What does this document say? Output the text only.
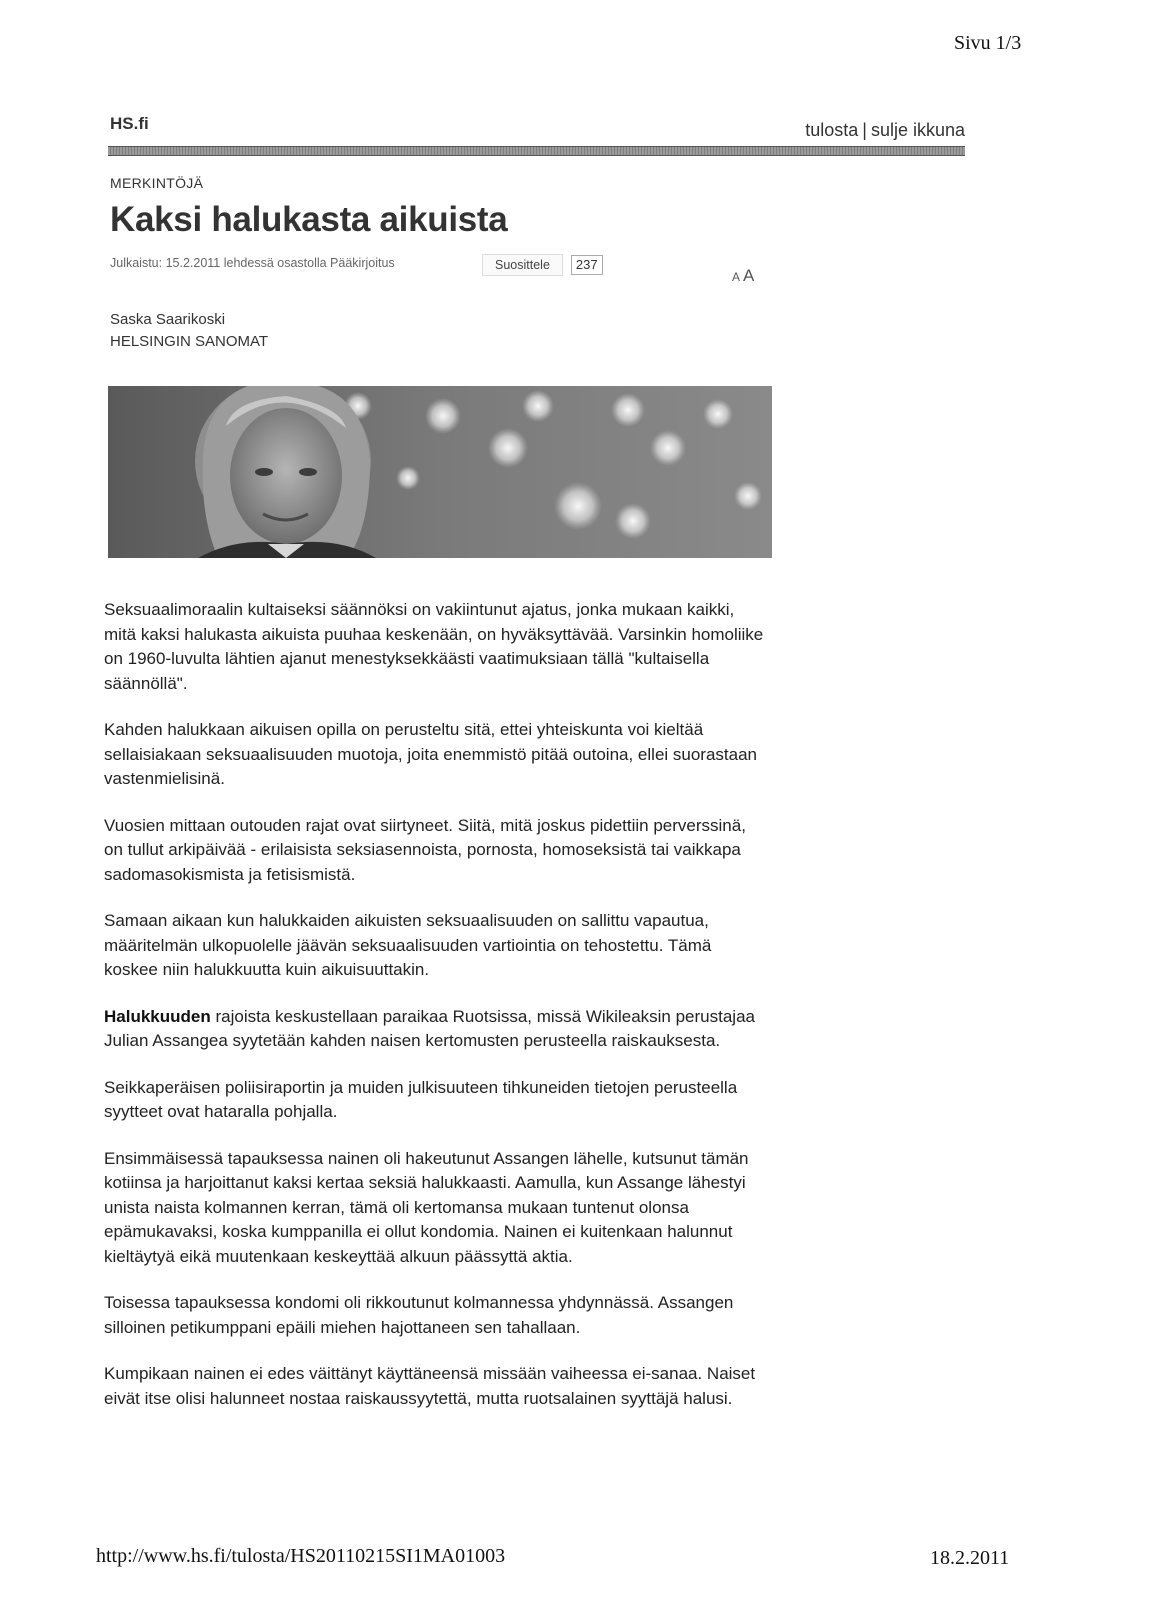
Sivu 1/3
HS.fi	tulosta | sulje ikkuna
MERKINTÖJÄ
Kaksi halukasta aikuista
Julkaistu: 15.2.2011 lehdessä osastolla Pääkirjoitus	Suosittele	237
A A
Saska Saarikoski
HELSINGIN SANOMAT

Seksuaalimoraalin kultaiseksi säännöksi on vakiintunut ajatus, jonka mukaan kaikki, mitä kaksi halukasta aikuista puuhaa keskenään, on hyväksyttävää. Varsinkin homoliike on 1960-luvulta lähtien ajanut menestyksekkäästi vaatimuksiaan tällä "kultaisella säännöllä".

Kahden halukkaan aikuisen opilla on perusteltu sitä, ettei yhteiskunta voi kieltää sellaisiakaan seksuaalisuuden muotoja, joita enemmistö pitää outoina, ellei suorastaan vastenmielisinä.

Vuosien mittaan outouden rajat ovat siirtyneet. Siitä, mitä joskus pidettiin perverssinä, on tullut arkipäivää - erilaisista seksiasennoista, pornosta, homoseksistä tai vaikkapa sadomasokismista ja fetisismistä.

Samaan aikaan kun halukkaiden aikuisten seksuaalisuuden on sallittu vapautua, määritelmän ulkopuolelle jäävän seksuaalisuuden vartiointia on tehostettu. Tämä koskee niin halukkuutta kuin aikuisuuttakin.

Halukkuuden rajoista keskustellaan paraikaa Ruotsissa, missä Wikileaksin perustajaa Julian Assangea syytetään kahden naisen kertomusten perusteella raiskauksesta.

Seikkaperäisen poliisiraportin ja muiden julkisuuteen tihkuneiden tietojen perusteella syytteet ovat hataralla pohjalla.

Ensimmäisessä tapauksessa nainen oli hakeutunut Assangen lähelle, kutsunut tämän kotiinsa ja harjoittanut kaksi kertaa seksiä halukkaasti. Aamulla, kun Assange lähestyi unista naista kolmannen kerran, tämä oli kertomansa mukaan tuntenut olonsa epämukavaksi, koska kumppanilla ei ollut kondomia. Nainen ei kuitenkaan halunnut kieltäytyä eikä muutenkaan keskeyttää alkuun päässyttä aktia.

Toisessa tapauksessa kondomi oli rikkoutunut kolmannessa yhdynnässä. Assangen silloinen petikumppani epäili miehen hajottaneen sen tahallaan.

Kumpikaan nainen ei edes väittänyt käyttäneensä missään vaiheessa ei-sanaa. Naiset eivät itse olisi halunneet nostaa raiskaussyytettä, mutta ruotsalainen syyttäjä halusi.

http://www.hs.fi/tulosta/HS20110215SI1MA01003	18.2.2011
